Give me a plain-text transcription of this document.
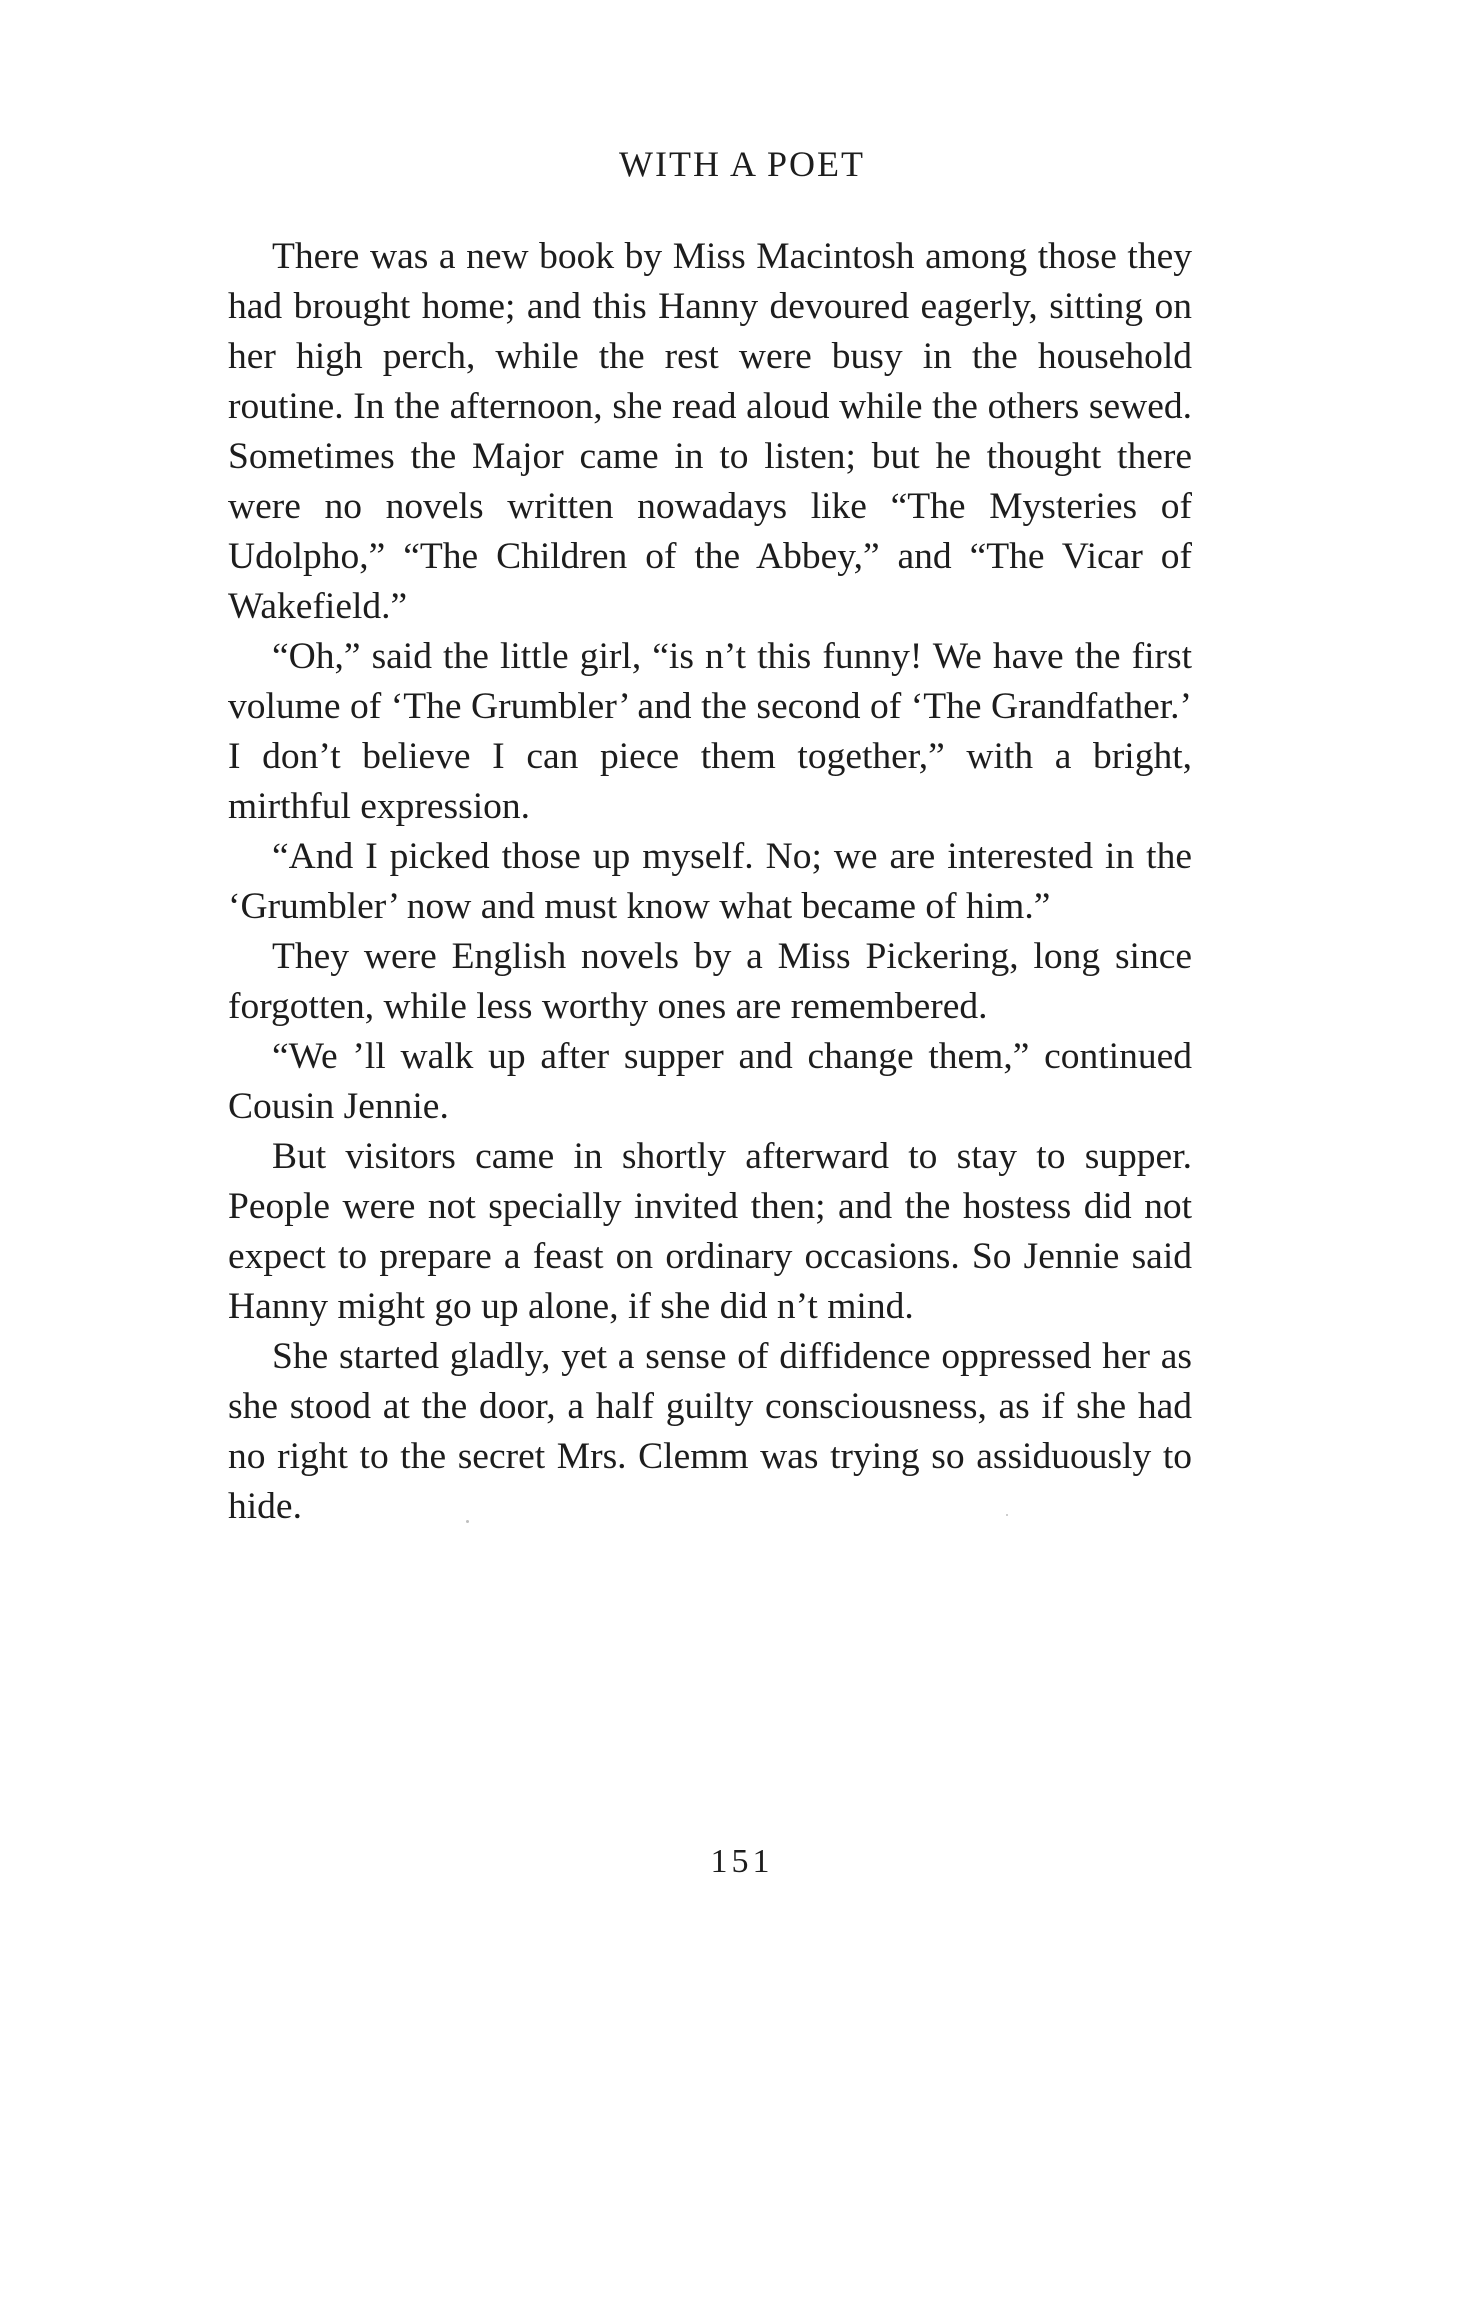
WITH A POET

There was a new book by Miss Macintosh among those they had brought home; and this Hanny devoured eagerly, sitting on her high perch, while the rest were busy in the household routine. In the afternoon, she read aloud while the others sewed. Sometimes the Major came in to listen; but he thought there were no novels written nowadays like “The Mysteries of Udolpho,” “The Children of the Abbey,” and “The Vicar of Wakefield.”

“Oh,” said the little girl, “is n’t this funny! We have the first volume of ‘The Grumbler’ and the second of ‘The Grandfather.’ I don’t believe I can piece them together,” with a bright, mirthful expression.

“And I picked those up myself. No; we are interested in the ‘Grumbler’ now and must know what became of him.”

They were English novels by a Miss Pickering, long since forgotten, while less worthy ones are remembered.

“We ’ll walk up after supper and change them,” continued Cousin Jennie.

But visitors came in shortly afterward to stay to supper. People were not specially invited then; and the hostess did not expect to prepare a feast on ordinary occasions. So Jennie said Hanny might go up alone, if she did n’t mind.

She started gladly, yet a sense of diffidence oppressed her as she stood at the door, a half guilty consciousness, as if she had no right to the secret Mrs. Clemm was trying so assiduously to hide.

151
